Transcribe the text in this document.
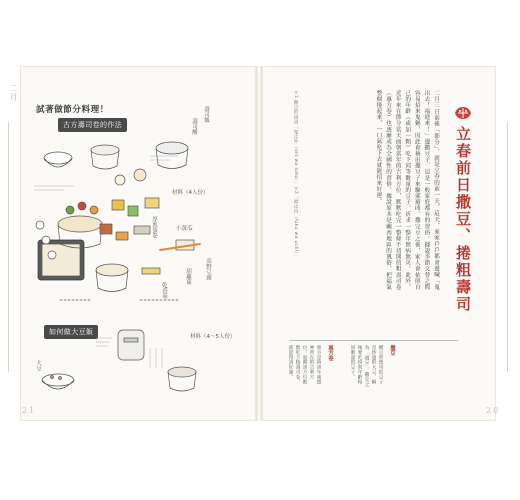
二月
試著做節分料理！
古方壽司卷的作法
如何做大豆飯
壽司飯
壽司醋
材料（4人份）
厚煎蛋卷	小黃瓜
高野豆腐
胡蘿蔔
乾香菇
材料（4～5人份）
大豆
21
立春前日撒豆、捲粗壽司
二月三日前後「節分」，就是立春的前一天，這天，家家戶戶都會邊喊「鬼出去！福進來！」邊撒豆子，這是一般家庭都有的習俗。據說季節交替之際容易招來鬼魅，因此會藉由撒豆子來驅邪避凶。撒完豆之後，家人會依照自己的年齡（或加一顆）吃下同等數量的豆子，祈求一整年無病無災。此外，近年來在節分當天面朝當年的吉利方位，默默吃完一整條不切開的粗壽司卷（惠方卷）也逐漸成為全國性的習俗。據說原本是關西地區的風俗，把福氣整個捲起來，一口氣吃下去就能招來好運。
＊1 撒豆的掛詞「鬼は外（oni wa soto）」＊2「福は内（fuku wa uchi）」
撒豆
撒豆所使用的豆子是炒過的大豆，稱為「福豆」。撒完之後要吃掉與年齡相同數量的豆子。
惠方卷
惠方是指該年歲德神所在的吉利方位，面朝該方位默默吃下粗壽司卷，就能得到好運。
20
